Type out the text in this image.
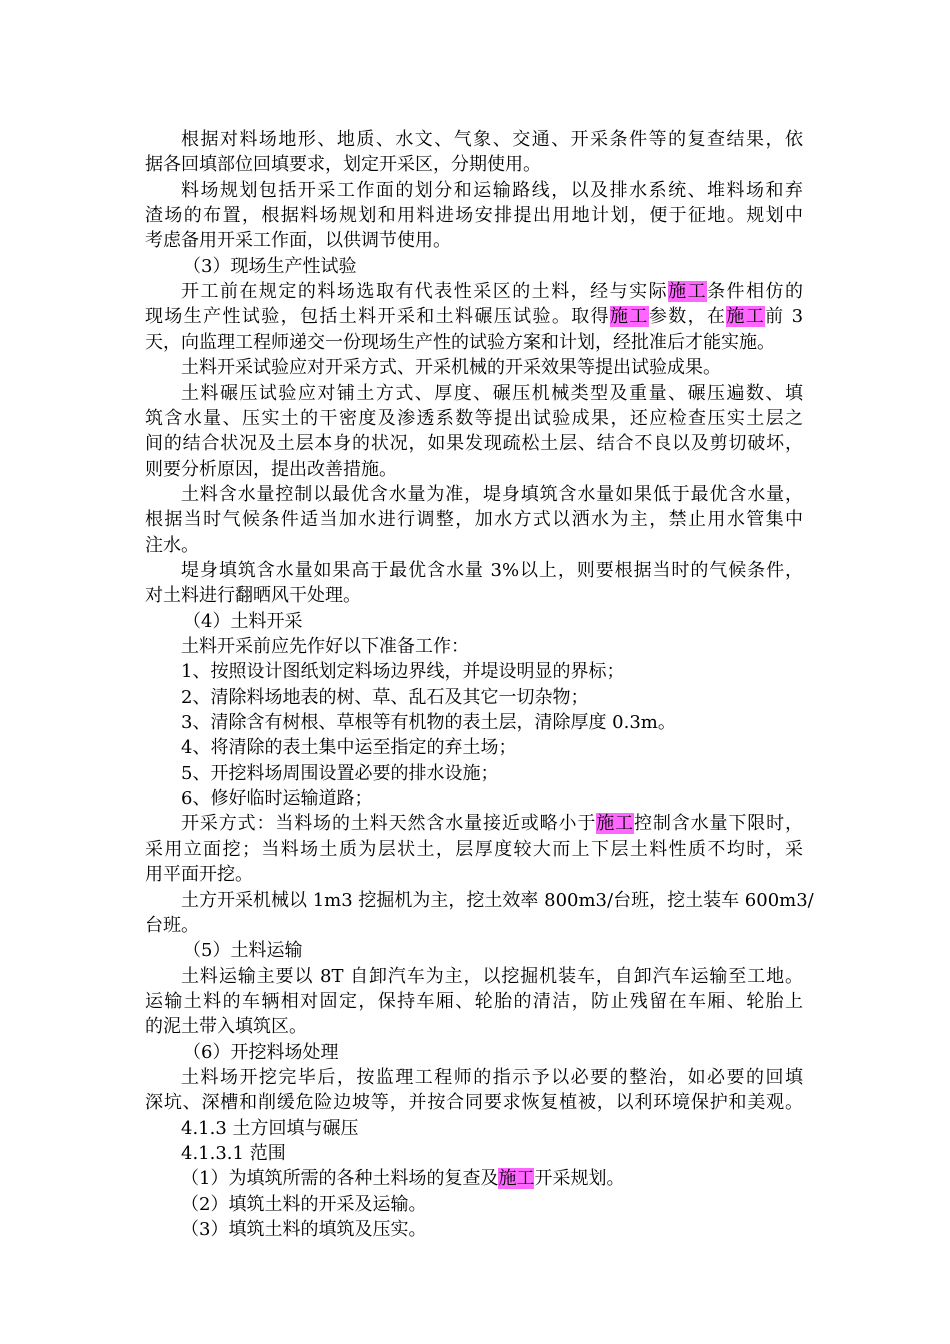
根据对料场地形、地质、水文、气象、交通、开采条件等的复查结果，依
据各回填部位回填要求，划定开采区，分期使用。
料场规划包括开采工作面的划分和运输路线，以及排水系统、堆料场和弃
渣场的布置，根据料场规划和用料进场安排提出用地计划，便于征地。规划中
考虑备用开采工作面，以供调节使用。
（3）现场生产性试验
开工前在规定的料场选取有代表性采区的土料，经与实际施工条件相仿的
现场生产性试验，包括土料开采和土料碾压试验。取得施工参数，在施工前 3
天，向监理工程师递交一份现场生产性的试验方案和计划，经批准后才能实施。
土料开采试验应对开采方式、开采机械的开采效果等提出试验成果。
土料碾压试验应对铺土方式、厚度、碾压机械类型及重量、碾压遍数、填
筑含水量、压实土的干密度及渗透系数等提出试验成果，还应检查压实土层之
间的结合状况及土层本身的状况，如果发现疏松土层、结合不良以及剪切破坏，
则要分析原因，提出改善措施。
土料含水量控制以最优含水量为准，堤身填筑含水量如果低于最优含水量，
根据当时气候条件适当加水进行调整，加水方式以洒水为主，禁止用水管集中
注水。
堤身填筑含水量如果高于最优含水量 3%以上，则要根据当时的气候条件，
对土料进行翻晒风干处理。
（4）土料开采
土料开采前应先作好以下准备工作：
1、按照设计图纸划定料场边界线，并堤设明显的界标；
2、清除料场地表的树、草、乱石及其它一切杂物；
3、清除含有树根、草根等有机物的表土层，清除厚度 0.3m。
4、将清除的表土集中运至指定的弃土场；
5、开挖料场周围设置必要的排水设施；
6、修好临时运输道路；
开采方式：当料场的土料天然含水量接近或略小于施工控制含水量下限时，
采用立面挖；当料场土质为层状土，层厚度较大而上下层土料性质不均时，采
用平面开挖。
土方开采机械以 1m3 挖掘机为主，挖土效率 800m3/台班，挖土装车 600m3/
台班。
（5）土料运输
土料运输主要以 8T 自卸汽车为主，以挖掘机装车，自卸汽车运输至工地。
运输土料的车辆相对固定，保持车厢、轮胎的清洁，防止残留在车厢、轮胎上
的泥土带入填筑区。
（6）开挖料场处理
土料场开挖完毕后，按监理工程师的指示予以必要的整治，如必要的回填
深坑、深槽和削缓危险边坡等，并按合同要求恢复植被，以利环境保护和美观。
4.1.3 土方回填与碾压
4.1.3.1 范围
（1）为填筑所需的各种土料场的复查及施工开采规划。
（2）填筑土料的开采及运输。
（3）填筑土料的填筑及压实。
